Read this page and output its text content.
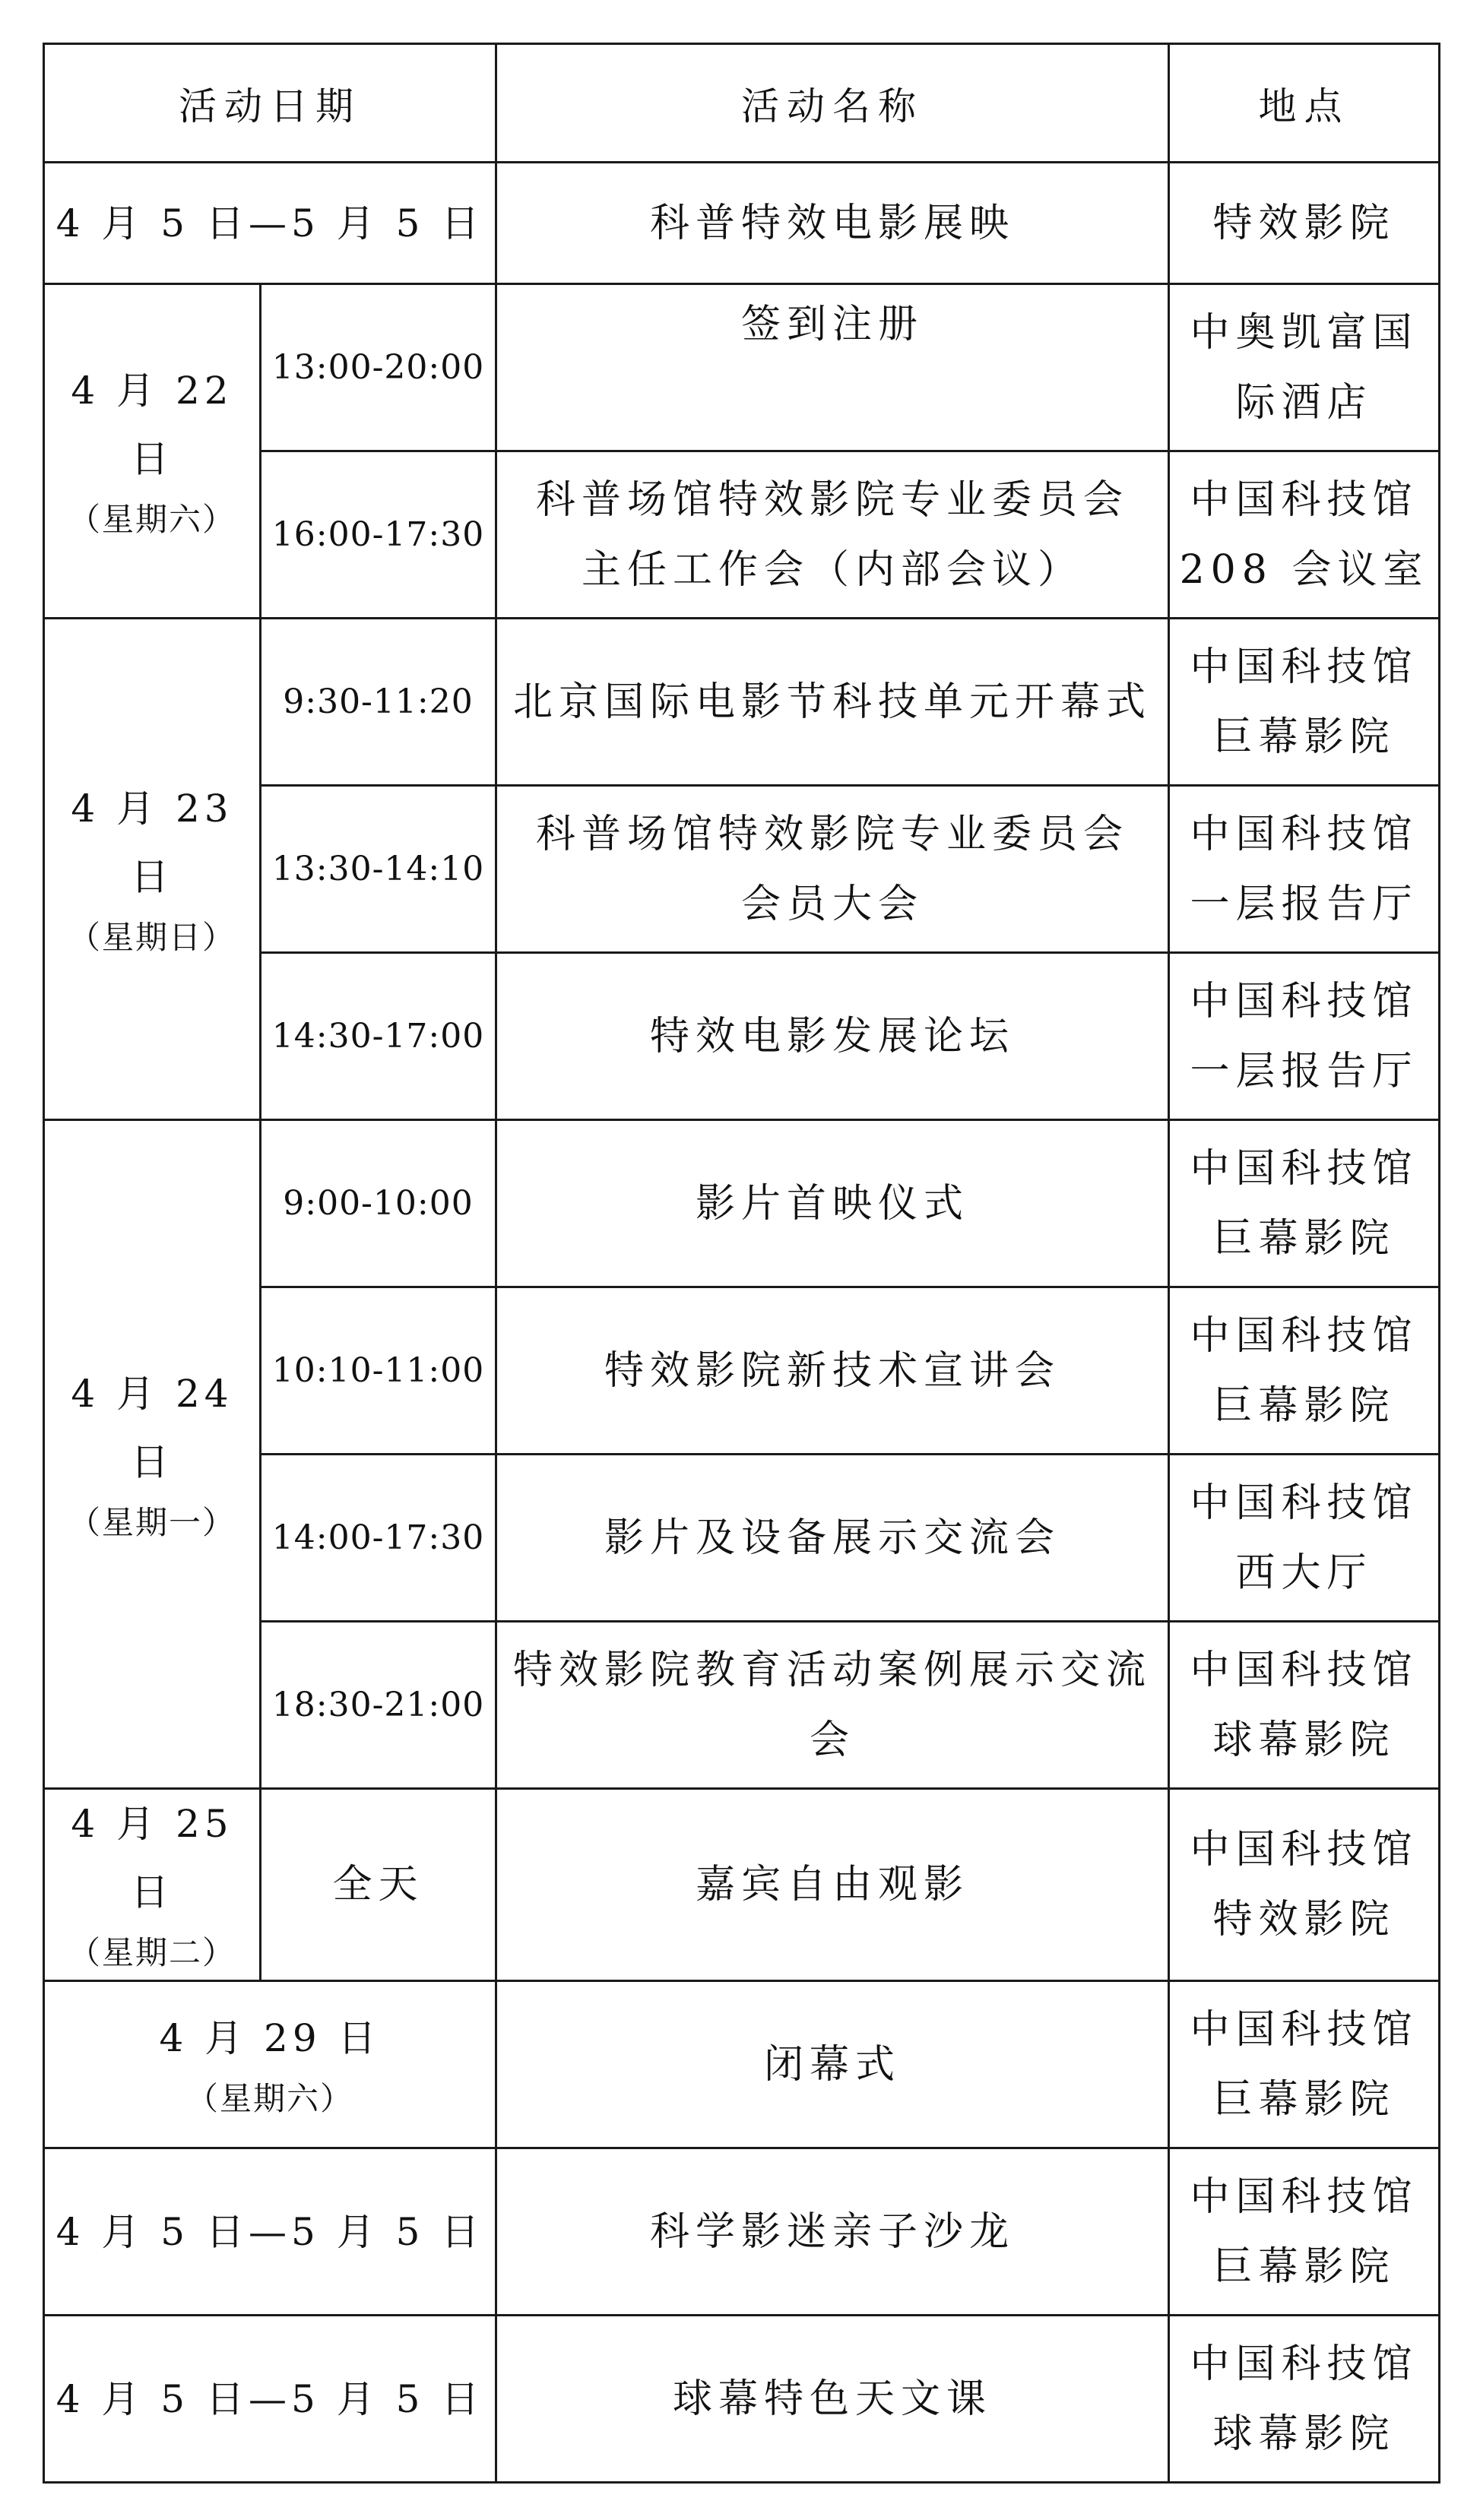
活动日期		活动名称	地点
4 月 5 日—5 月 5 日		科普特效电影展映	特效影院

4 月 22 日
（星期六）	13:00-20:00	签到注册	中奥凯富国
际酒店

	16:00-17:30	科普场馆特效影院专业委员会
主任工作会（内部会议）	中国科技馆
208 会议室

4 月 23 日
（星期日）	9:30-11:20	北京国际电影节科技单元开幕式	中国科技馆
巨幕影院

	13:30-14:10	科普场馆特效影院专业委员会
会员大会	中国科技馆
一层报告厅

	14:30-17:00	特效电影发展论坛	中国科技馆
一层报告厅

4 月 24 日
（星期一）	9:00-10:00	影片首映仪式	中国科技馆
巨幕影院

	10:10-11:00	特效影院新技术宣讲会	中国科技馆
巨幕影院

	14:00-17:30	影片及设备展示交流会	中国科技馆
西大厅

	18:30-21:00	特效影院教育活动案例展示交流
会	中国科技馆
球幕影院

4 月 25 日
（星期二）	全天	嘉宾自由观影	中国科技馆
特效影院

4 月 29 日
（星期六）		闭幕式	中国科技馆
巨幕影院

4 月 5 日—5 月 5 日		科学影迷亲子沙龙	中国科技馆
巨幕影院

4 月 5 日—5 月 5 日		球幕特色天文课	中国科技馆
球幕影院
